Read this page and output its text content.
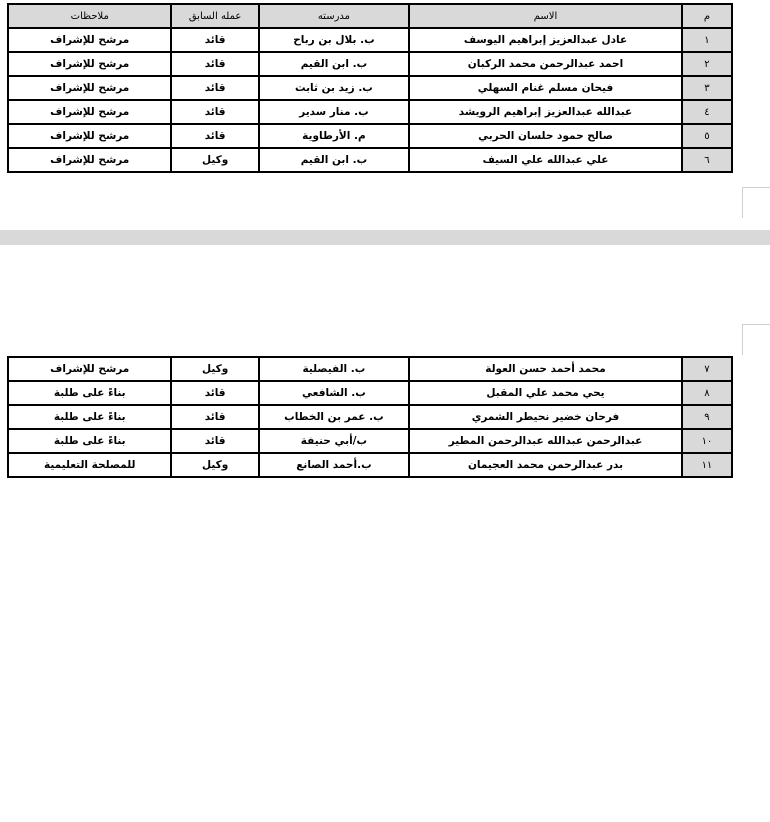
م	الاسم	مدرسته	عمله السابق	ملاحظات
١	عادل عبدالعزيز إبراهيم اليوسف	ب. بلال بن رباح	قائد	مرشح للإشراف
٢	احمد عبدالرحمن محمد الركبان	ب. ابن القيم	قائد	مرشح للإشراف
٣	فيحان مسلم غنام السهلي	ب. زيد بن ثابت	قائد	مرشح للإشراف
٤	عبدالله عبدالعزيز إبراهيم الرويشد	ب. منار سدير	قائد	مرشح للإشراف
٥	صالح حمود حلسان الحربي	م. الأرطاوية	قائد	مرشح للإشراف
٦	علي عبدالله علي السيف	ب. ابن القيم	وكيل	مرشح للإشراف
٧	محمد أحمد حسن العولة	ب. الفيصلية	وكيل	مرشح للإشراف
٨	يحي محمد علي المقبل	ب. الشافعي	قائد	بناءً على طلبة
٩	فرحان خضير نحيطر الشمري	ب. عمر بن الخطاب	قائد	بناءً على طلبة
١٠	عبدالرحمن عبدالله عبدالرحمن المطير	ب/أبي حنيفة	قائد	بناءً على طلبة
١١	بدر عبدالرحمن محمد العجيمان	ب.أحمد الصانع	وكيل	للمصلحة التعليمية
